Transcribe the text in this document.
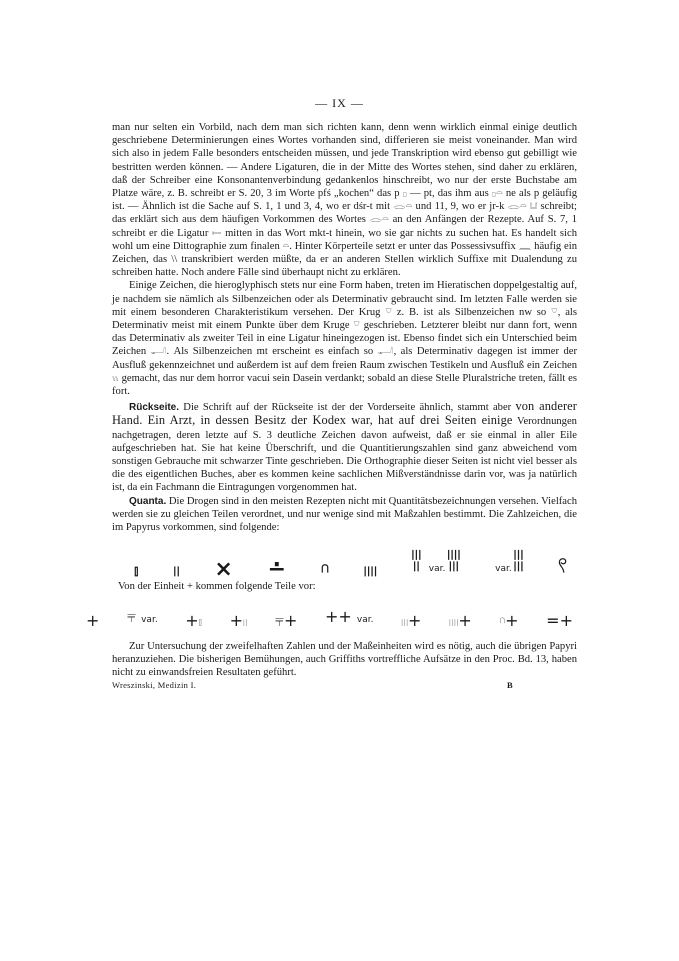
— IX —

man nur selten ein Vorbild, nach dem man sich richten kann, denn wenn wirklich einmal einige deutlich geschriebene Determinierungen eines Wortes vorhanden sind, differieren sie meist voneinander. Man wird sich also in jedem Falle besonders entscheiden müssen, und jede Transkription wird ebenso gut gebilligt wie bestritten werden können. — Andere Ligaturen, die in der Mitte des Wortes stehen, sind daher zu erklären, daß der Schreiber eine Konsonantenverbindung gedankenlos hinschreibt, wo nur der erste Buchstabe am Platze wäre, z. B. schreibt er S. 20, 3 im Worte pfś „kochen“ das p 𓊪 — pt, das ihm aus 𓊪𓏏 ne als p geläufig ist. — Ähnlich ist die Sache auf S. 1, 1 und 3, 4, wo er dśr-t mit 𓂋𓏏 und 11, 9, wo er jr-k 𓂋𓏏 𓂓 schreibt; das erklärt sich aus dem häufigen Vorkommen des Wortes 𓂋𓏏 an den Anfängen der Rezepte. Auf S. 7, 1 schreibt er die Ligatur 𓍿 mitten in das Wort mkt-t hinein, wo sie gar nichts zu suchen hat. Es handelt sich wohl um eine Dittographie zum finalen 𓏏. Hinter Körperteile setzt er unter das Possessivsuffix 𓈖 häufig ein Zeichen, das \\ transkribiert werden müßte, da er an anderen Stellen wirklich Suffixe mit Dualendung zu schreiben hatte. Noch andere Fälle sind überhaupt nicht zu erklären.

Einige Zeichen, die hieroglyphisch stets nur eine Form haben, treten im Hieratischen doppelgestaltig auf, je nachdem sie nämlich als Silbenzeichen oder als Determinativ gebraucht sind. Im letzten Falle werden sie mit einem besonderen Charakteristikum versehen. Der Krug 𓎺 z. B. ist als Silbenzeichen nw so 𓎺, als Determinativ meist mit einem Punkte über dem Kruge 𓎺 geschrieben. Letzterer bleibt nur dann fort, wenn das Determinativ als zweiter Teil in eine Ligatur hineingezogen ist. Ebenso findet sich ein Unterschied beim Zeichen 𓂝. Als Silbenzeichen mt erscheint es einfach so 𓂝, als Determinativ dagegen ist immer der Ausfluß gekennzeichnet und außerdem ist auf dem freien Raum zwischen Testikeln und Ausfluß ein Zeichen 𓏭 gemacht, das nur dem horror vacui sein Dasein verdankt; sobald an diese Stelle Pluralstriche treten, fällt es fort.

Rückseite. Die Schrift auf der Rückseite ist der der Vorderseite ähnlich, stammt aber von anderer Hand. Ein Arzt, in dessen Besitz der Kodex war, hat auf drei Seiten einige Verordnungen nachgetragen, deren letzte auf S. 3 deutliche Zeichen davon aufweist, daß er sie einmal in aller Eile aufgeschrieben hat. Sie hat keine Überschrift, und die Quantitierungszahlen sind ganz abweichend vom sonstigen Gebrauche mit schwarzer Tinte geschrieben. Die Orthographie dieser Seiten ist nicht viel besser als die des eigentlichen Buches, aber es kommen keine sachlichen Mißverständnisse darin vor, was ja natürlich ist, da ein Fachmann die Eintragungen vorgenommen hat.

Quanta. Die Drogen sind in den meisten Rezepten nicht mit Quantitätsbezeichnungen versehen. Vielfach werden sie zu gleichen Teilen verordnet, und nur wenige sind mit Maßzahlen bestimmt. Die Zahlzeichen, die im Papyrus vorkommen, sind folgende:

𓏤 𓏻 × ∸ 𓎆 𓏽 𓏾 var.𓐀	var.𓏿 𓍢

Von der Einheit + kommen folgende Teile vor:

+ ⫧ var. +𓏤 +𓏻 ⫧+ ++ var. 𓏼+ 𓏽+ 𓎆+ =+

Zur Untersuchung der zweifelhaften Zahlen und der Maßeinheiten wird es nötig, auch die übrigen Papyri heranzuziehen. Die bisherigen Bemühungen, auch Griffiths vortreffliche Aufsätze in den Proc. Bd. 13, haben nicht zu einwandsfreien Resultaten geführt.

Wreszinski, Medizin I.	B
